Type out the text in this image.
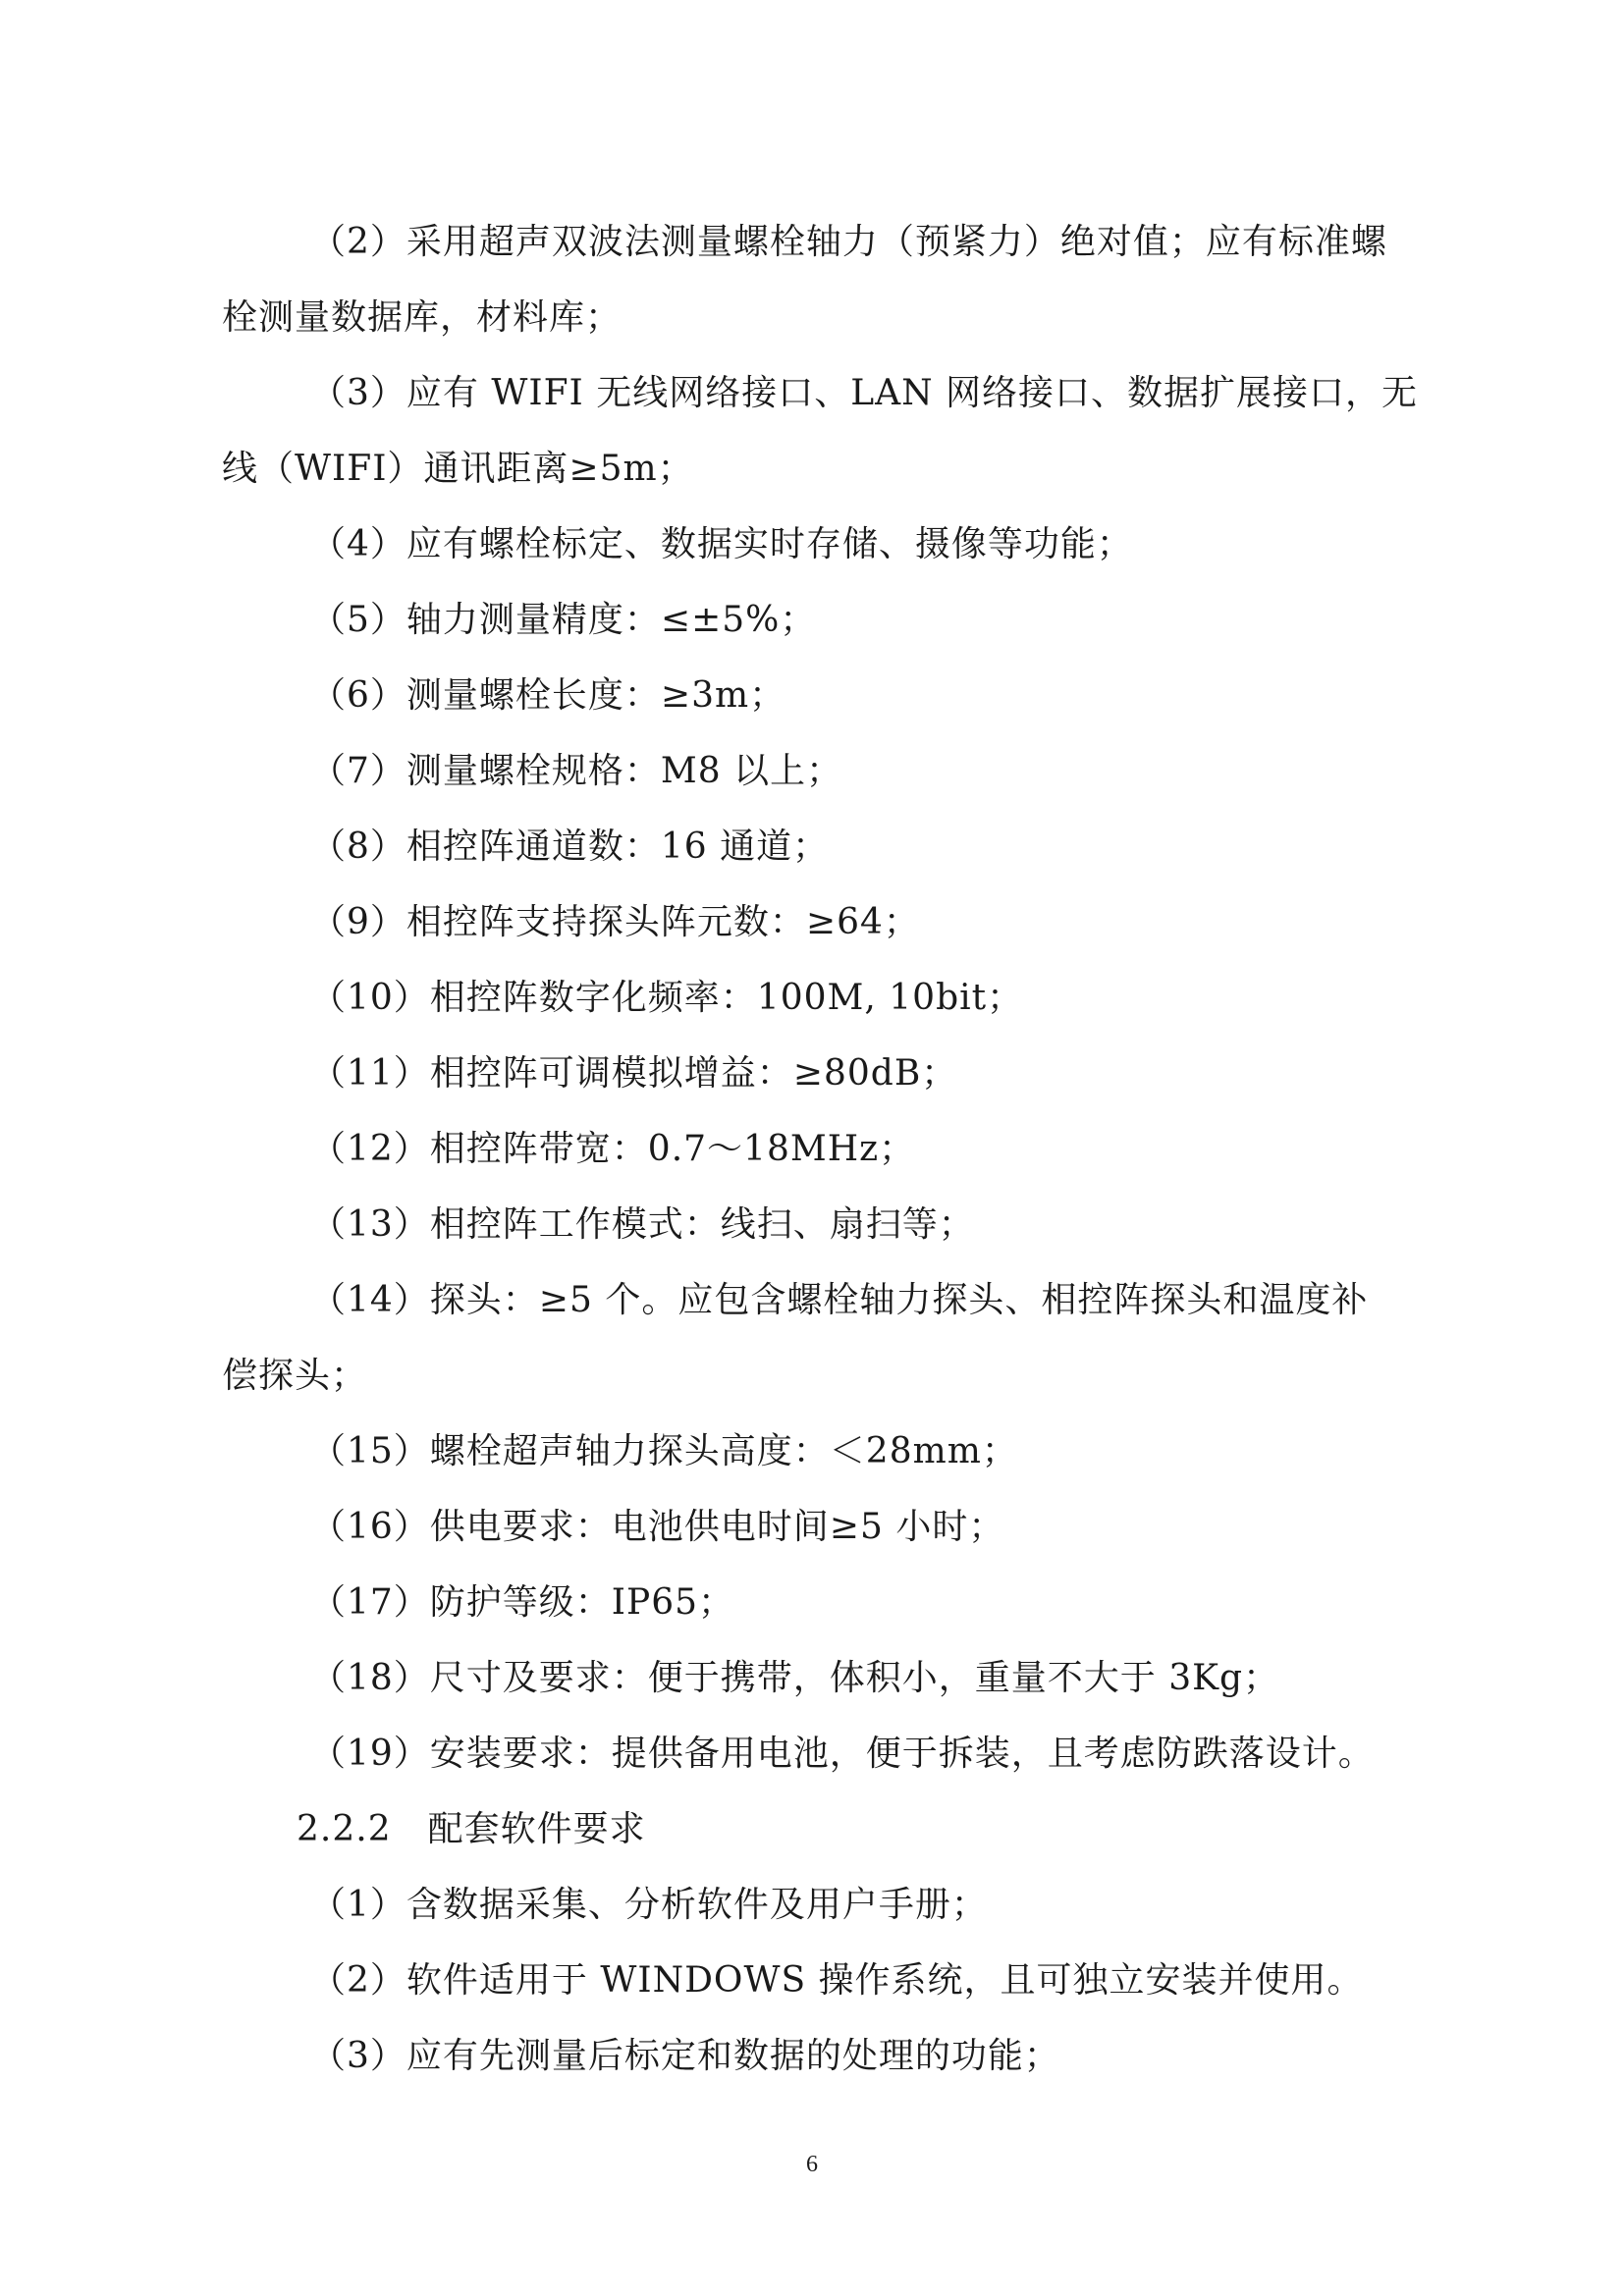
（2）采用超声双波法测量螺栓轴力（预紧力）绝对值；应有标准螺
栓测量数据库，材料库；
（3）应有 WIFI 无线网络接口、LAN 网络接口、数据扩展接口，无
线（WIFI）通讯距离≥5m；
（4）应有螺栓标定、数据实时存储、摄像等功能；
（5）轴力测量精度：≤±5%；
（6）测量螺栓长度：≥3m；
（7）测量螺栓规格：M8 以上；
（8）相控阵通道数：16 通道；
（9）相控阵支持探头阵元数：≥64；
（10）相控阵数字化频率：100M, 10bit；
（11）相控阵可调模拟增益：≥80dB；
（12）相控阵带宽：0.7～18MHz；
（13）相控阵工作模式：线扫、扇扫等；
（14）探头：≥5 个。应包含螺栓轴力探头、相控阵探头和温度补
偿探头；
（15）螺栓超声轴力探头高度：＜28mm；
（16）供电要求：电池供电时间≥5 小时；
（17）防护等级：IP65；
（18）尺寸及要求：便于携带，体积小，重量不大于 3Kg；
（19）安装要求：提供备用电池，便于拆装，且考虑防跌落设计。
2.2.2　配套软件要求
（1）含数据采集、分析软件及用户手册；
（2）软件适用于 WINDOWS 操作系统，且可独立安装并使用。
（3）应有先测量后标定和数据的处理的功能；
6
